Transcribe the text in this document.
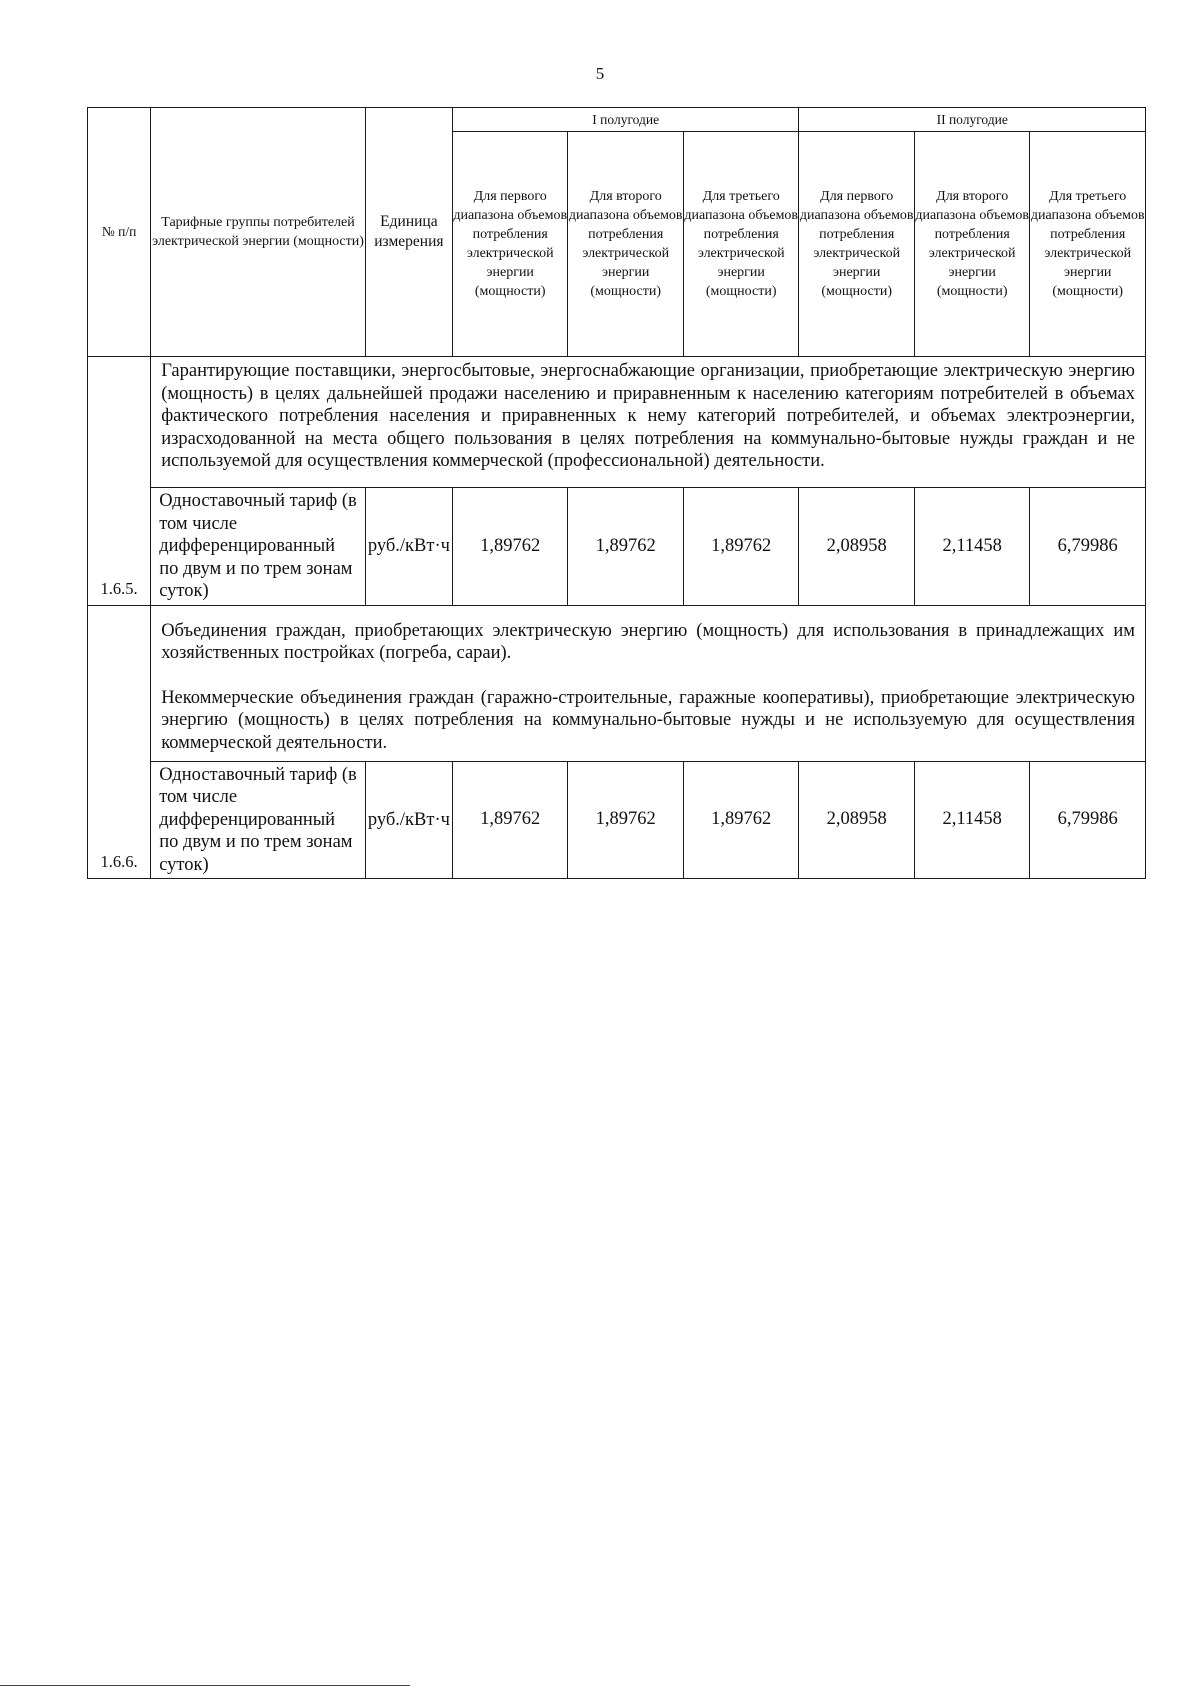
5
№ п/п	Тарифные группы потребителей электрической энергии (мощности)	Единица измерения	I полугодие			II полугодие		
			Для первого диапазона объемов потребления электрической энергии (мощности)	Для второго диапазона объемов потребления электрической энергии (мощности)	Для третьего диапазона объемов потребления электрической энергии (мощности)	Для первого диапазона объемов потребления электрической энергии (мощности)	Для второго диапазона объемов потребления электрической энергии (мощности)	Для третьего диапазона объемов потребления электрической энергии (мощности)
1.6.5.	Гарантирующие поставщики, энергосбытовые, энергоснабжающие организации, приобретающие электрическую энергию (мощность) в целях дальнейшей продажи населению и приравненным к населению категориям потребителей в объемах фактического потребления населения и приравненных к нему категорий потребителей, и объемах электроэнергии, израсходованной на места общего пользования в целях потребления на коммунально-бытовые нужды граждан и не используемой для осуществления коммерческой (профессиональной) деятельности.							

	Одноставочный тариф (в том числе дифференцированный по двум и по трем зонам суток)	руб./кВт·ч	1,89762	1,89762	1,89762	2,08958	2,11458	6,79986
1.6.6.	Объединения граждан, приобретающих электрическую энергию (мощность) для использования в принадлежащих им хозяйственных постройках (погреба, сараи).

Некоммерческие объединения граждан (гаражно-строительные, гаражные кооперативы), приобретающие электрическую энергию (мощность) в целях потребления на коммунально-бытовые нужды и не используемую для осуществления коммерческой деятельности.							

	Одноставочный тариф (в том числе дифференцированный по двум и по трем зонам суток)	руб./кВт·ч	1,89762	1,89762	1,89762	2,08958	2,11458	6,79986
